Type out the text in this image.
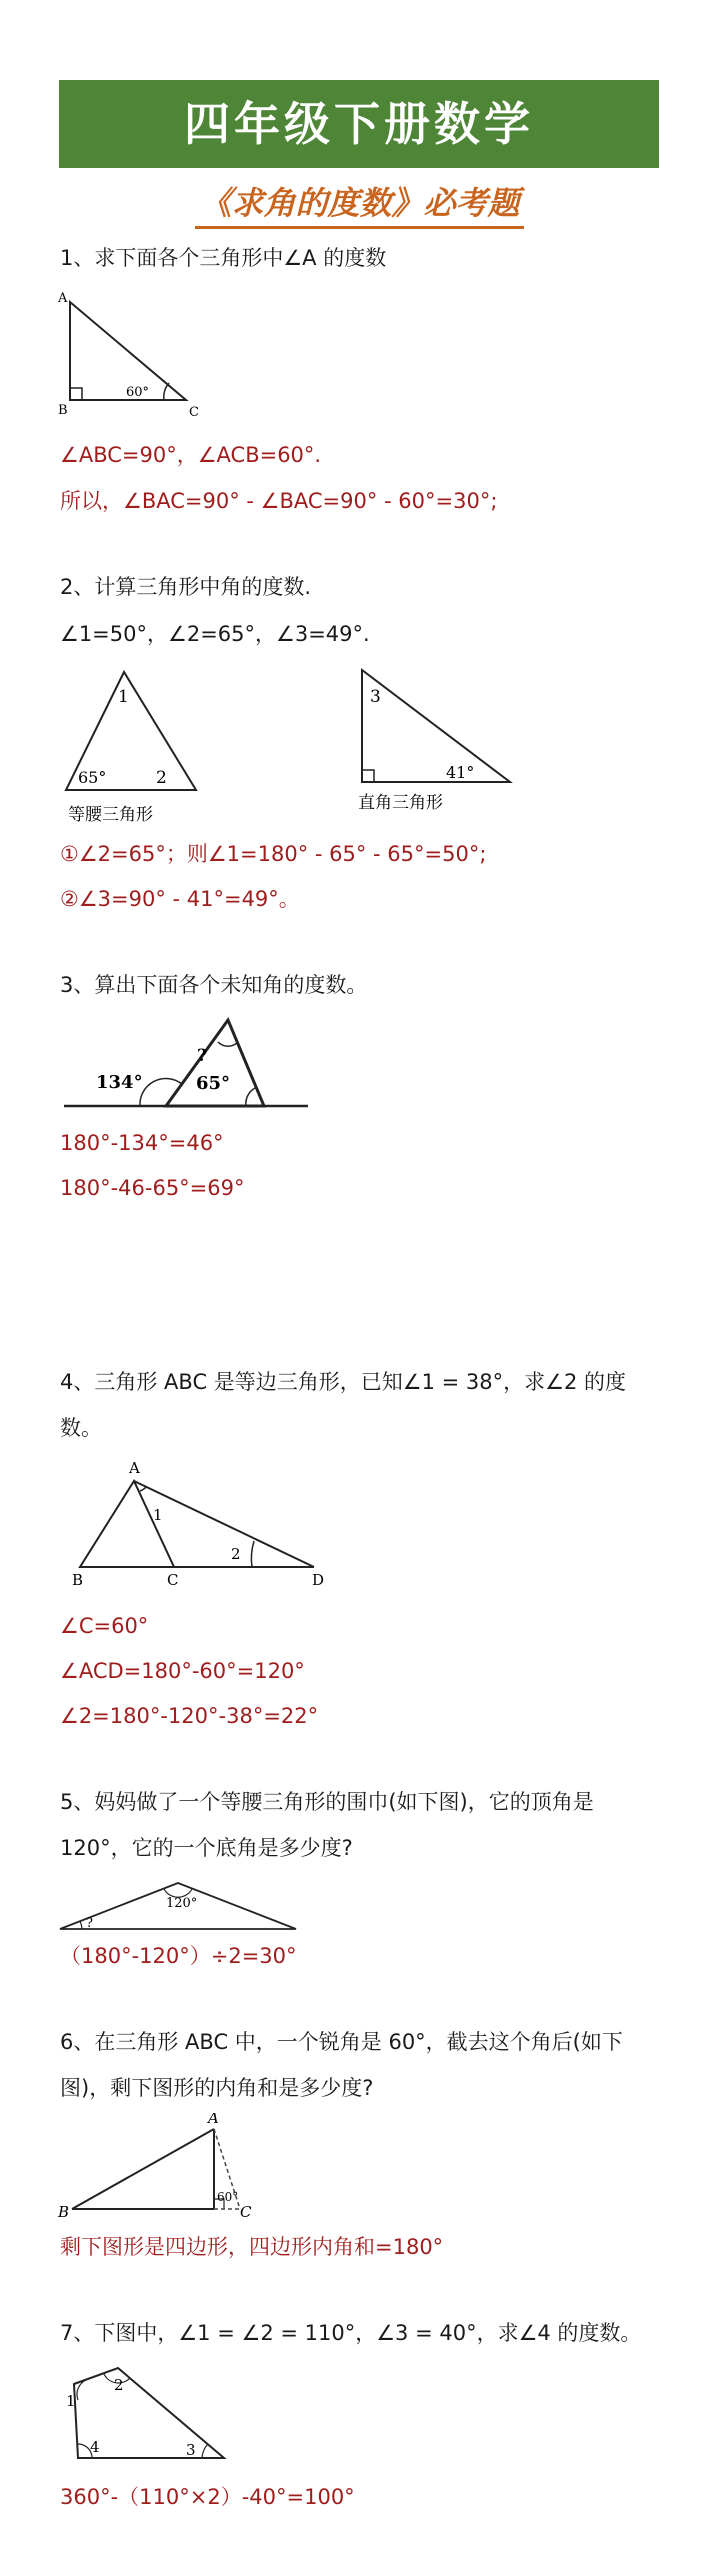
四年级下册数学
《求角的度数》必考题
1、求下面各个三角形中∠A 的度数
A
B	C
60°
∠ABC=90°，∠ACB=60°.
所以，∠BAC=90° - ∠BAC=90° - 60°=30°;
2、计算三角形中角的度数.
∠1=50°，∠2=65°，∠3=49°.
1
65°	2
等腰三角形
3
41°
直角三角形
①∠2=65°；则∠1=180° - 65° - 65°=50°;
②∠3=90° - 41°=49°。
3、算出下面各个未知角的度数。
134°	65°
?
180°-134°=46°
180°-46-65°=69°
4、三角形 ABC 是等边三角形，已知∠1 = 38°，求∠2 的度
数。
A
B	C	D
1
2
∠C=60°
∠ACD=180°-60°=120°
∠2=180°-120°-38°=22°
5、妈妈做了一个等腰三角形的围巾(如下图)，它的顶角是
120°，它的一个底角是多少度?
120°
?
（180°-120°）÷2=30°
6、在三角形 ABC 中，一个锐角是 60°，截去这个角后(如下
图)，剩下图形的内角和是多少度?
A
B	C
60°
剩下图形是四边形，四边形内角和=180°
7、下图中，∠1 = ∠2 = 110°，∠3 = 40°，求∠4 的度数。
1
2
3
4
360°-（110°×2）-40°=100°
